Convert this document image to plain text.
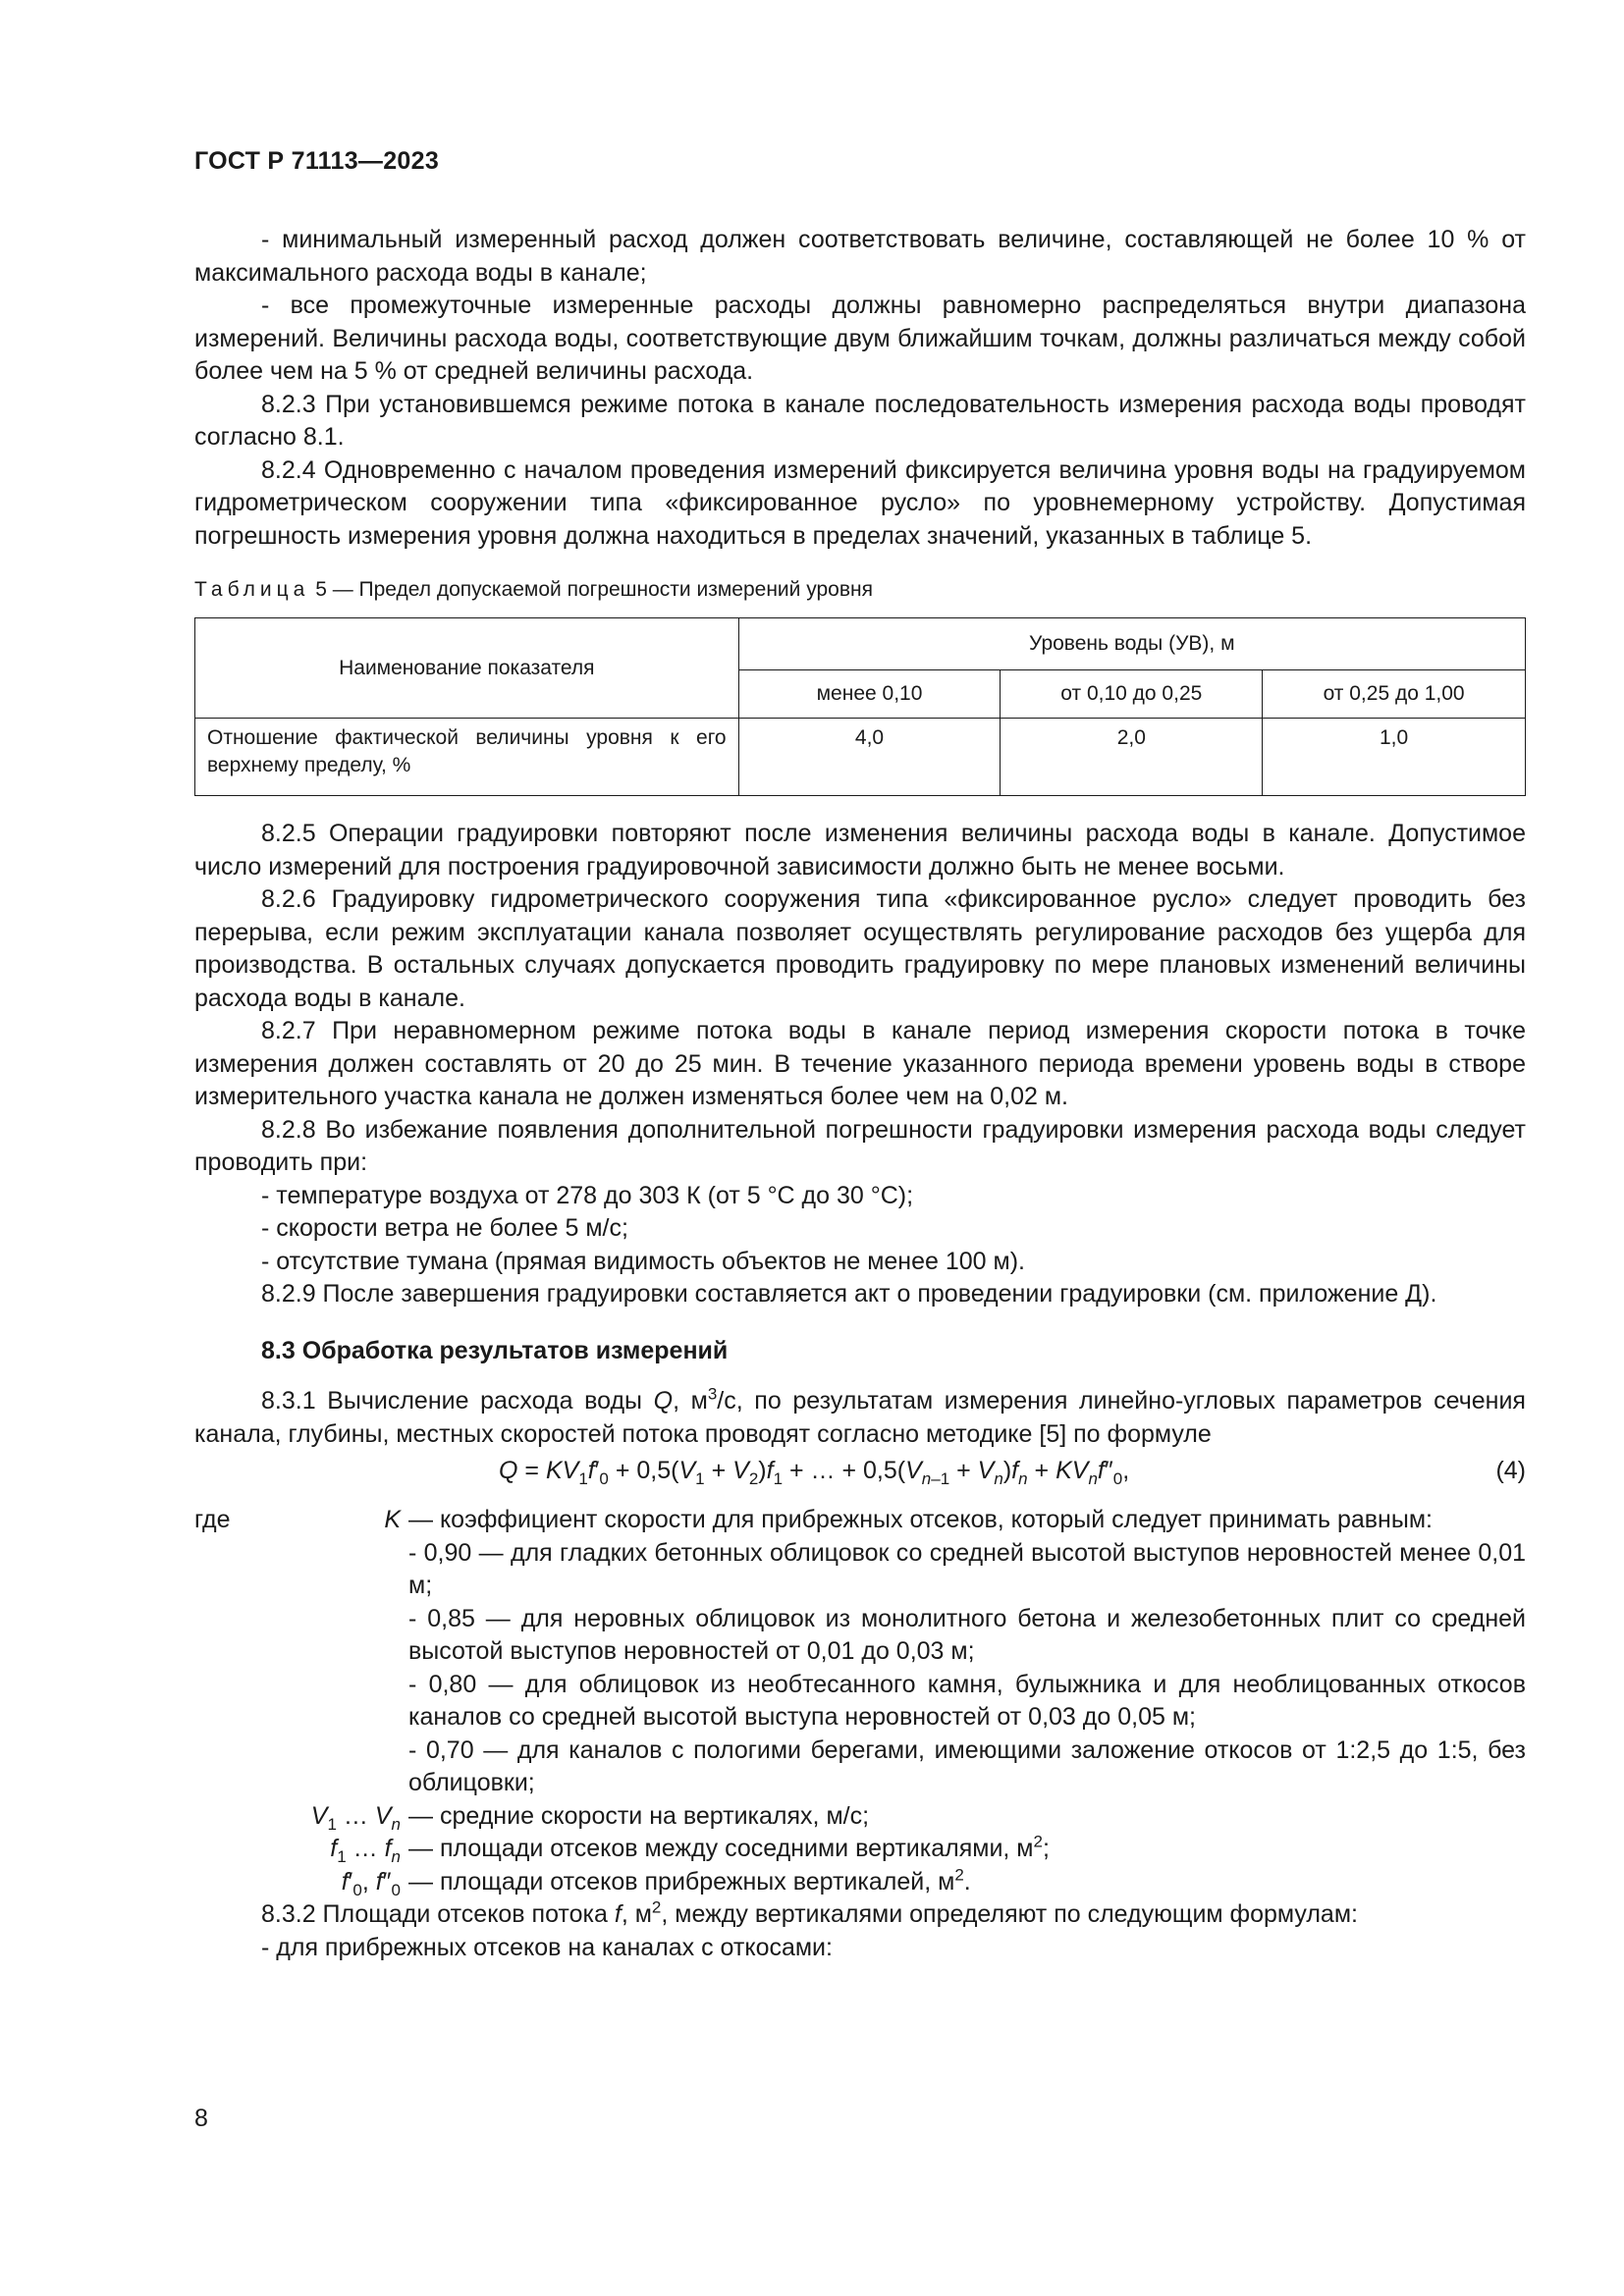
ГОСТ Р 71113—2023

- минимальный измеренный расход должен соответствовать величине, составляющей не более 10 % от максимального расхода воды в канале;

- все промежуточные измеренные расходы должны равномерно распределяться внутри диапазона измерений. Величины расхода воды, соответствующие двум ближайшим точкам, должны различаться между собой более чем на 5 % от средней величины расхода.

8.2.3 При установившемся режиме потока в канале последовательность измерения расхода воды проводят согласно 8.1.

8.2.4 Одновременно с началом проведения измерений фиксируется величина уровня воды на градуируемом гидрометрическом сооружении типа «фиксированное русло» по уровнемерному устройству. Допустимая погрешность измерения уровня должна находиться в пределах значений, указанных в таблице 5.

Таблица 5 — Предел допускаемой погрешности измерений уровня
Наименование показателя	Уровень воды (УВ), м		
	менее 0,10	от 0,10 до 0,25	от 0,25 до 1,00
Отношение фактической величины уровня к его верхнему пределу, %	4,0	2,0	1,0

8.2.5 Операции градуировки повторяют после изменения величины расхода воды в канале. Допустимое число измерений для построения градуировочной зависимости должно быть не менее восьми.

8.2.6 Градуировку гидрометрического сооружения типа «фиксированное русло» следует проводить без перерыва, если режим эксплуатации канала позволяет осуществлять регулирование расходов без ущерба для производства. В остальных случаях допускается проводить градуировку по мере плановых изменений величины расхода воды в канале.

8.2.7 При неравномерном режиме потока воды в канале период измерения скорости потока в точке измерения должен составлять от 20 до 25 мин. В течение указанного периода времени уровень воды в створе измерительного участка канала не должен изменяться более чем на 0,02 м.

8.2.8 Во избежание появления дополнительной погрешности градуировки измерения расхода воды следует проводить при:

- температуре воздуха от 278 до 303 К (от 5 °С до 30 °С);

- скорости ветра не более 5 м/с;

- отсутствие тумана (прямая видимость объектов не менее 100 м).

8.2.9 После завершения градуировки составляется акт о проведении градуировки (см. приложение Д).

8.3 Обработка результатов измерений

8.3.1 Вычисление расхода воды Q, $м^3/с$, по результатам измерения линейно-угловых параметров сечения канала, глубины, местных скоростей потока проводят согласно методике [5] по формуле

$Q = KV_1f'_0 + 0,5(V_1 + V_2)f_1$ + … + $0,5(V_{n-1} + V_n)f_n + KV_nf''_0$,	(4)
где	K — коэффициент скорости для прибрежных отсеков, который следует принимать равным:
- 0,90 — для гладких бетонных облицовок со средней высотой выступов неровностей менее 0,01 м;
- 0,85 — для неровных облицовок из монолитного бетона и железобетонных плит со средней высотой выступов неровностей от 0,01 до 0,03 м;
- 0,80 — для облицовок из необтесанного камня, булыжника и для необлицованных откосов каналов со средней высотой выступа неровностей от 0,03 до 0,05 м;
- 0,70 — для каналов с пологими берегами, имеющими заложение откосов от 1:2,5 до 1:5, без облицовки;
$V_1$ … $V_n$ — средние скорости на вертикалях, м/с;
$f_1$ … $f_n$ — площади отсеков между соседними вертикалями, $м^2$;
$f'_0$, $f''_0$ — площади отсеков прибрежных вертикалей, $м^2$.

8.3.2 Площади отсеков потока f, $м^2$, между вертикалями определяют по следующим формулам:

- для прибрежных отсеков на каналах с откосами:

8
